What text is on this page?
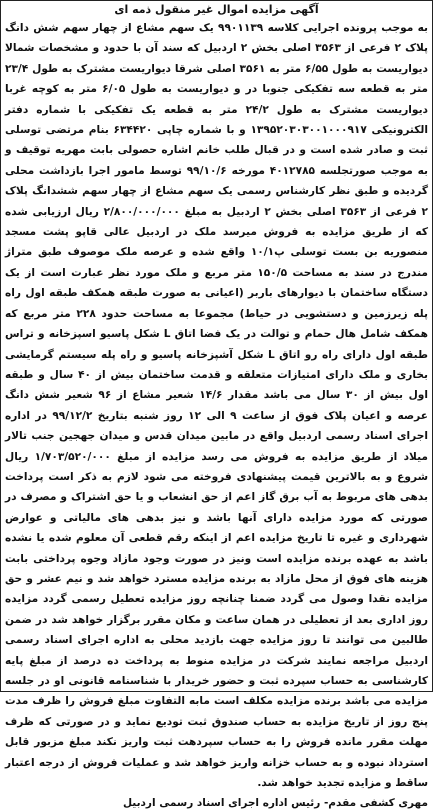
آگهی مزایده اموال غیر منقول ذمه ای

به موجب پرونده اجرایی کلاسه ۹۹۰۱۱۳۹ یک سهم مشاع از چهار سهم شش دانگ پلاک ۲ فرعی از ۳۵۶۳ اصلی بخش ۲ اردبیل که سند آن با حدود و مشخصات شمالا دیواریست به طول ۶/۵۵ متر به ۳۵۶۱ اصلی شرقا دیواریست مشترک به طول ۲۳/۴ متر به قطعه سه تفکیکی جنوبا در و دیواریست به طول ۶/۰۵ متر به کوچه غربا دیواریست مشترک به طول ۲۴/۲ متر به قطعه یک تفکیکی با شماره دفتر الکترونیکی ۱۳۹۵۲۰۳۰۳۰۰۱۰۰۰۹۱۷ و با شماره چاپی ۶۳۴۴۲۰ بنام مرتضی توسلی ثبت و صادر شده است و در قبال طلب خانم اشاره حصولی بابت مهریه توقیف و به موجب صورتجلسه ۴۰۱۲۷۸۵ مورخه ۹۹/۱۰/۶ توسط مامور اجرا بازداشت محلی گردیده و طبق نظر کارشناس رسمی یک سهم مشاع از چهار سهم ششدانگ پلاک ۲ فرعی از ۳۵۶۳ اصلی بخش ۲ اردبیل به مبلغ ۲/۸۰۰/۰۰۰/۰۰۰ ریال ارزیابی شده که از طریق مزایده به فروش میرسد ملک در اردبیل عالی قاپو پشت مسجد منصوریه بن بست توسلی پ۱۰/۱ واقع شده و عرصه ملک موصوف طبق متراژ مندرج در سند به مساحت ۱۵۰/۵ متر مربع و ملک مورد نظر عبارت است از یک دستگاه ساختمان با دیوارهای باربر (اعیانی به صورت طبقه همکف طبقه اول راه پله زیرزمین و دستشویی در حیاط) مجموعا به مساحت حدود ۲۲۸ متر مربع که همکف شامل هال حمام و توالت در یک فضا اتاق L شکل پاسیو اسپزخانه و تراس طبقه اول دارای راه رو اتاق L شکل آشپزخانه پاسیو و راه پله سیستم گرمایشی بخاری و ملک دارای امتیازات متعلقه و قدمت ساختمان بیش از ۴۰ سال و طبقه اول بیش از ۳۰ سال می باشد مقدار ۱۴/۶ شعیر مشاع از ۹۶ شعیر شش دانگ عرصه و اعیان پلاک فوق از ساعت ۹ الی ۱۲ روز شنبه بتاریخ ۹۹/۱۲/۲ در اداره اجرای اسناد رسمی اردبیل واقع در مابین میدان قدس و میدان جهجین جنب تالار میلاد از طریق مزایده به فروش می رسد مزایده از مبلغ ۱/۷۰۳/۵۲۰/۰۰۰ ریال شروع و به بالاترین قیمت پیشنهادی فروخته می شود لازم به ذکر است پرداخت بدهی های مربوط به آب برق گاز اعم از حق انشعاب و یا حق اشتراک و مصرف در صورتی که مورد مزایده دارای آنها باشد و نیز بدهی های مالیاتی و عوارض شهرداری و غیره تا تاریخ مزایده اعم از اینکه رقم قطعی آن معلوم شده یا نشده باشد به عهده برنده مزایده است ونیز در صورت وجود مازاد وجوه پرداختی بابت هزینه های فوق از محل مازاد به برنده مزایده مسترد خواهد شد و نیم عشر و حق مزایده نقدا وصول می گردد ضمنا چنانچه روز مزایده تعطیل رسمی گردد مزایده روز اداری بعد از تعطیلی در همان ساعت و مکان مقرر برگزار خواهد شد در ضمن طالبین می توانند تا روز مزایده جهت بازدید محلی به اداره اجرای اسناد رسمی اردبیل مراجعه نمایند شرکت در مزایده منوط به پرداخت ده درصد از مبلغ پایه کارشناسی به حساب سپرده ثبت و حضور خریدار با شناسنامه قانونی او در جلسه مزایده می باشد برنده مزایده مکلف است مابه التفاوت مبلغ فروش را ظرف مدت پنج روز از تاریخ مزایده به حساب صندوق ثبت تودیع نماید و در صورتی که ظرف مهلت مقرر مانده فروش را به حساب سپردهت ثبت واریز نکند مبلغ مزبور قابل استرداد نبوده و به حساب خزانه واریز خواهد شد و عملیات فروش از درجه اعتبار ساقط و مزایده تجدید خواهد شد.

مهری کشفی مقدم- رئیس اداره اجرای اسناد رسمی اردبیل
